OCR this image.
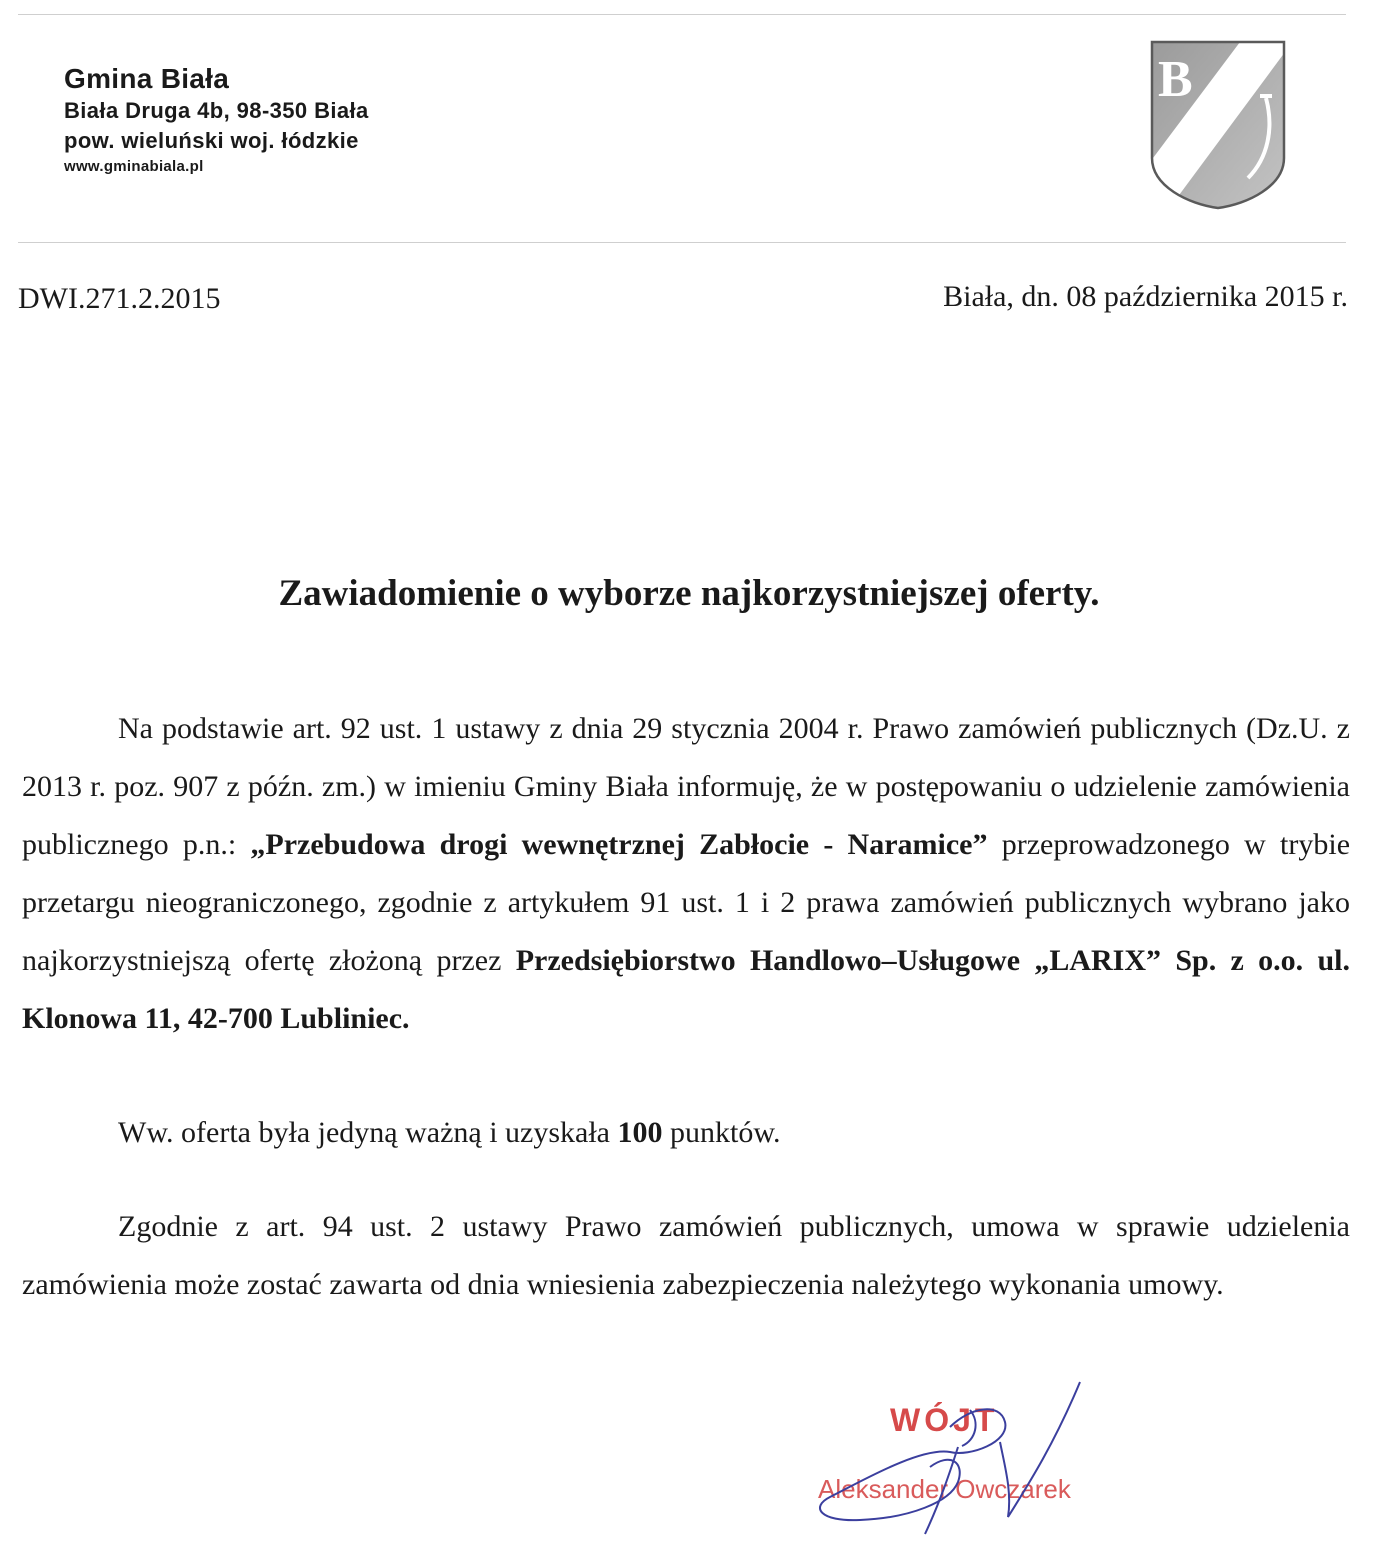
Gmina Biała
Biała Druga 4b, 98-350 Biała
pow. wieluński woj. łódzkie
www.gminabiala.pl
B
DWI.271.2.2015	Biała, dn. 08 października 2015 r.
Zawiadomienie o wyborze najkorzystniejszej oferty.
Na podstawie art. 92 ust. 1 ustawy z dnia 29 stycznia 2004 r. Prawo zamówień publicznych (Dz.U. z 2013 r. poz. 907 z późn. zm.) w imieniu Gminy Biała informuję, że w postępowaniu o udzielenie zamówienia publicznego p.n.: „Przebudowa drogi wewnętrznej Zabłocie - Naramice” przeprowadzonego w trybie przetargu nieograniczonego, zgodnie z artykułem 91 ust. 1 i 2 prawa zamówień publicznych wybrano jako najkorzystniejszą ofertę złożoną przez Przedsiębiorstwo Handlowo–Usługowe „LARIX” Sp. z o.o. ul. Klonowa 11, 42-700 Lubliniec.
Ww. oferta była jedyną ważną i uzyskała 100 punktów.
Zgodnie z art. 94 ust. 2 ustawy Prawo zamówień publicznych, umowa w sprawie udzielenia zamówienia może zostać zawarta od dnia wniesienia zabezpieczenia należytego wykonania umowy.
WÓJT
Aleksander Owczarek
